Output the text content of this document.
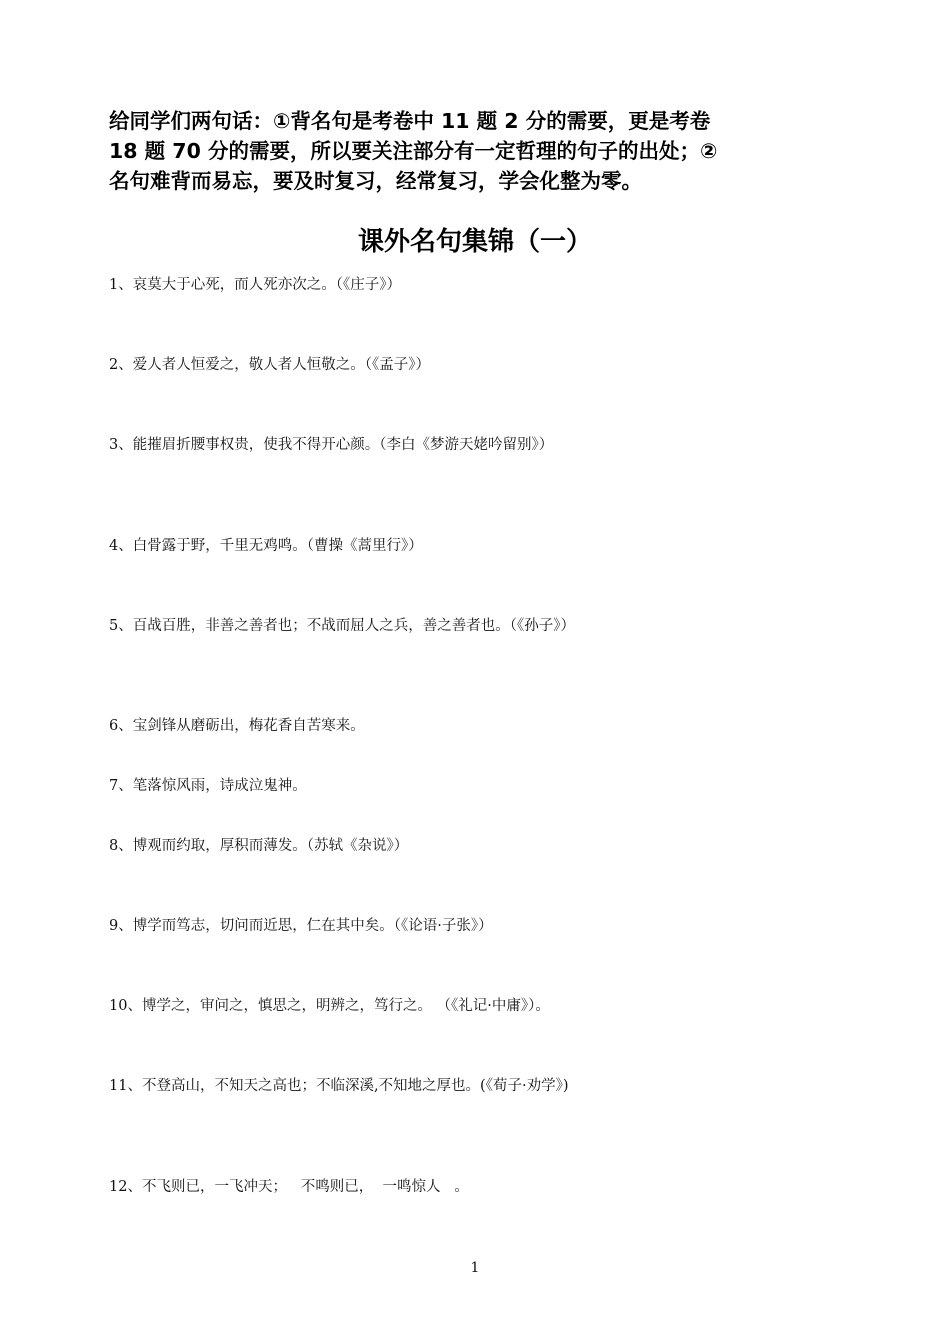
给同学们两句话：①背名句是考卷中 11 题 2 分的需要，更是考卷
18 题 70 分的需要，所以要关注部分有一定哲理的句子的出处；②
名句难背而易忘，要及时复习，经常复习，学会化整为零。
课外名句集锦（一）
1、哀莫大于心死，而人死亦次之。（《庄子》）
2、爱人者人恒爱之，敬人者人恒敬之。（《孟子》）
3、能摧眉折腰事权贵，使我不得开心颜。（李白《梦游天姥吟留别》）
4、白骨露于野，千里无鸡鸣。（曹操《蒿里行》）
5、百战百胜，非善之善者也；不战而屈人之兵，善之善者也。（《孙子》）
6、宝剑锋从磨砺出，梅花香自苦寒来。
7、笔落惊风雨，诗成泣鬼神。
8、博观而约取，厚积而薄发。（苏轼《杂说》）
9、博学而笃志，切问而近思，仁在其中矣。（《论语·子张》）
10、博学之，审问之，慎思之，明辨之，笃行之。 （《礼记·中庸》）。
11、不登高山，不知天之高也；不临深溪,不知地之厚也。(《荀子·劝学》)
12、不飞则已，一飞冲天；   不鸣则已，  一鸣惊人   。
1
